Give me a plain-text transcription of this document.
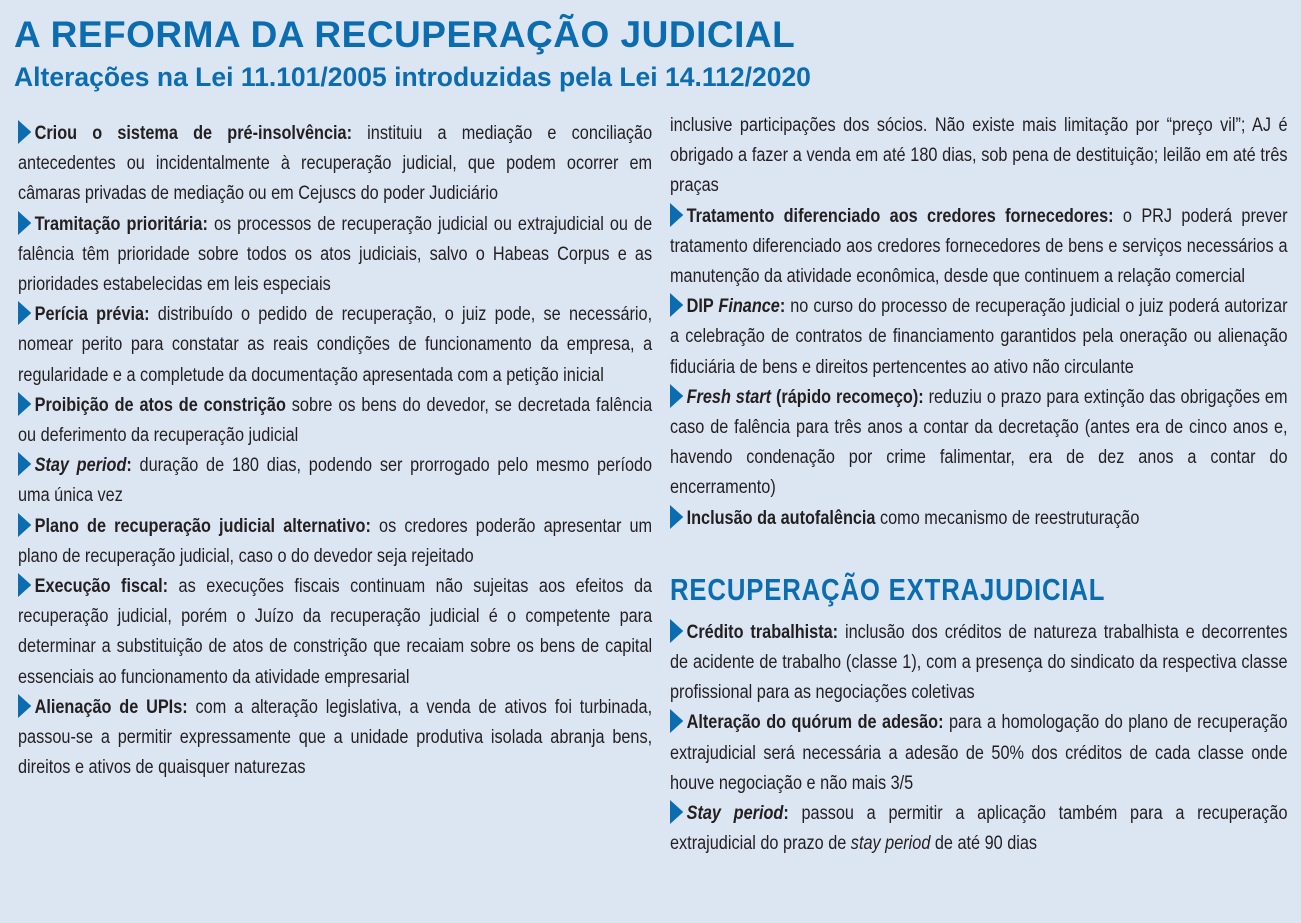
A REFORMA DA RECUPERAÇÃO JUDICIAL
Alterações na Lei 11.101/2005 introduzidas pela Lei 14.112/2020

Criou o sistema de pré-insolvência: instituiu a mediação e conciliação antecedentes ou incidentalmente à recuperação judicial, que podem ocorrer em câmaras privadas de mediação ou em Cejuscs do poder Judiciário

Tramitação prioritária: os processos de recuperação judicial ou extrajudicial ou de falência têm prioridade sobre todos os atos judiciais, salvo o Habeas Corpus e as prioridades estabelecidas em leis especiais

Perícia prévia: distribuído o pedido de recuperação, o juiz pode, se necessário, nomear perito para constatar as reais condições de funcionamento da empresa, a regularidade e a completude da documentação apresentada com a petição inicial

Proibição de atos de constrição sobre os bens do devedor, se decretada falência ou deferimento da recuperação judicial

Stay period: duração de 180 dias, podendo ser prorrogado pelo mesmo período uma única vez

Plano de recuperação judicial alternativo: os credores poderão apresentar um plano de recuperação judicial, caso o do devedor seja rejeitado

Execução fiscal: as execuções fiscais continuam não sujeitas aos efeitos da recuperação judicial, porém o Juízo da recuperação judicial é o competente para determinar a substituição de atos de constrição que recaiam sobre os bens de capital essenciais ao funcionamento da atividade empresarial

Alienação de UPIs: com a alteração legislativa, a venda de ativos foi turbinada, passou-se a permitir expressamente que a unidade produtiva isolada abranja bens, direitos e ativos de quaisquer naturezas

inclusive participações dos sócios. Não existe mais limitação por “preço vil”; AJ é obrigado a fazer a venda em até 180 dias, sob pena de destituição; leilão em até três praças

Tratamento diferenciado aos credores fornecedores: o PRJ poderá prever tratamento diferenciado aos credores fornecedores de bens e serviços necessários a manutenção da atividade econômica, desde que continuem a relação comercial

DIP Finance: no curso do processo de recuperação judicial o juiz poderá autorizar a celebração de contratos de financiamento garantidos pela oneração ou alienação fiduciária de bens e direitos pertencentes ao ativo não circulante

Fresh start (rápido recomeço): reduziu o prazo para extinção das obrigações em caso de falência para três anos a contar da decretação (antes era de cinco anos e, havendo condenação por crime falimentar, era de dez anos a contar do encerramento)

Inclusão da autofalência como mecanismo de reestruturação

RECUPERAÇÃO EXTRAJUDICIAL

Crédito trabalhista: inclusão dos créditos de natureza trabalhista e decorrentes de acidente de trabalho (classe 1), com a presença do sindicato da respectiva classe profissional para as negociações coletivas

Alteração do quórum de adesão: para a homologação do plano de recuperação extrajudicial será necessária a adesão de 50% dos créditos de cada classe onde houve negociação e não mais 3/5

Stay period: passou a permitir a aplicação também para a recuperação extrajudicial do prazo de stay period de até 90 dias
